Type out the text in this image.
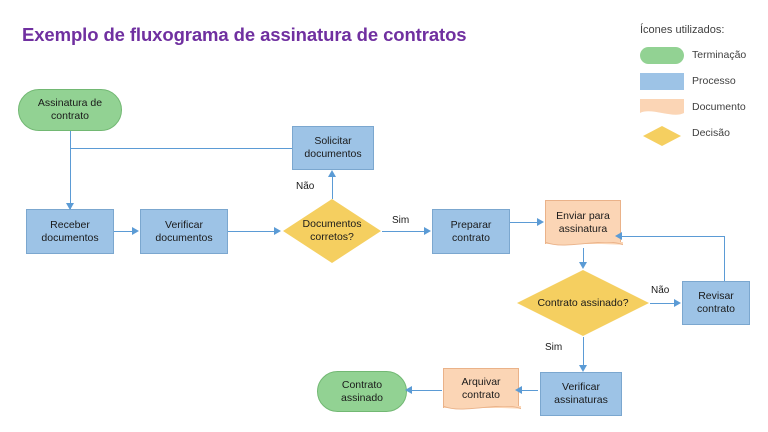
Exemplo de fluxograma de assinatura de contratos	Ícones utilizados:
Terminação
Processo
Documento
Decisão
Assinatura de contrato
Receber documentos
Verificar documentos
Documentos corretos?
Solicitar documentos
Preparar contrato
Enviar para assinatura
Contrato assinado?
Revisar contrato
Verificar assinaturas
Arquivar contrato
Contrato assinado
Não
Sim
Não
Sim
